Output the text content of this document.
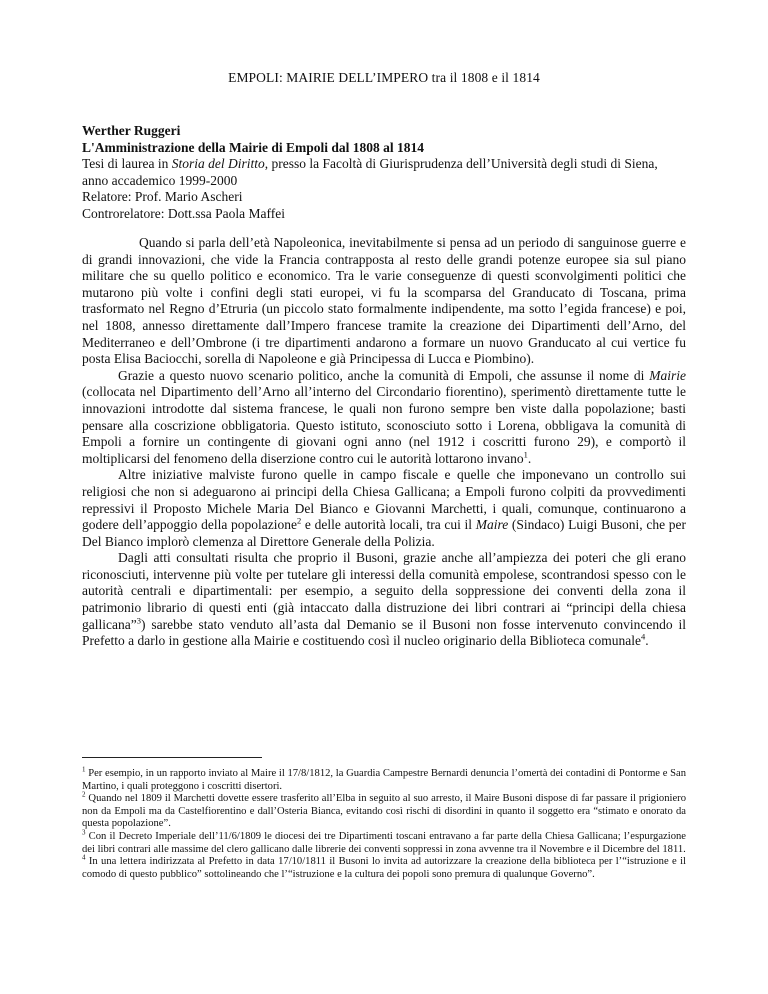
EMPOLI: MAIRIE DELL’IMPERO tra il 1808 e il 1814
Werther Ruggeri
L'Amministrazione della Mairie di Empoli dal 1808 al 1814
Tesi di laurea in Storia del Diritto, presso la Facoltà di Giurisprudenza dell’Università degli studi di Siena, anno accademico 1999-2000
Relatore: Prof. Mario Ascheri
Controrelatore: Dott.ssa Paola Maffei

Quando si parla dell’età Napoleonica, inevitabilmente si pensa ad un periodo di sanguinose guerre e di grandi innovazioni, che vide la Francia contrapposta al resto delle grandi potenze europee sia sul piano militare che su quello politico e economico. Tra le varie conseguenze di questi sconvolgimenti politici che mutarono più volte i confini degli stati europei, vi fu la scomparsa del Granducato di Toscana, prima trasformato nel Regno d’Etruria (un piccolo stato formalmente indipendente, ma sotto l’egida francese) e poi, nel 1808, annesso direttamente dall’Impero francese tramite la creazione dei Dipartimenti dell’Arno, del Mediterraneo e dell’Ombrone (i tre dipartimenti andarono a formare un nuovo Granducato al cui vertice fu posta Elisa Baciocchi, sorella di Napoleone e già Principessa di Lucca e Piombino).

Grazie a questo nuovo scenario politico, anche la comunità di Empoli, che assunse il nome di Mairie (collocata nel Dipartimento dell’Arno all’interno del Circondario fiorentino), sperimentò direttamente tutte le innovazioni introdotte dal sistema francese, le quali non furono sempre ben viste dalla popolazione; basti pensare alla coscrizione obbligatoria. Questo istituto, sconosciuto sotto i Lorena, obbligava la comunità di Empoli a fornire un contingente di giovani ogni anno (nel 1912 i coscritti furono 29), e comportò il moltiplicarsi del fenomeno della diserzione contro cui le autorità lottarono invano$^1$.

Altre iniziative malviste furono quelle in campo fiscale e quelle che imponevano un controllo sui religiosi che non si adeguarono ai principi della Chiesa Gallicana; a Empoli furono colpiti da provvedimenti repressivi il Proposto Michele Maria Del Bianco e Giovanni Marchetti, i quali, comunque, continuarono a godere dell’appoggio della popolazione$^2$ e delle autorità locali, tra cui il Maire (Sindaco) Luigi Busoni, che per Del Bianco implorò clemenza al Direttore Generale della Polizia.

Dagli atti consultati risulta che proprio il Busoni, grazie anche all’ampiezza dei poteri che gli erano riconosciuti, intervenne più volte per tutelare gli interessi della comunità empolese, scontrandosi spesso con le autorità centrali e dipartimentali: per esempio, a seguito della soppressione dei conventi della zona il patrimonio librario di questi enti (già intaccato dalla distruzione dei libri contrari ai “principi della chiesa gallicana”$^3$) sarebbe stato venduto all’asta dal Demanio se il Busoni non fosse intervenuto convincendo il Prefetto a darlo in gestione alla Mairie e costituendo così il nucleo originario della Biblioteca comunale$^4$.

$^1$ Per esempio, in un rapporto inviato al Maire il 17/8/1812, la Guardia Campestre Bernardi denuncia l’omertà dei contadini di Pontorme e San Martino, i quali proteggono i coscritti disertori.

$^2$ Quando nel 1809 il Marchetti dovette essere trasferito all’Elba in seguito al suo arresto, il Maire Busoni dispose di far passare il prigioniero non da Empoli ma da Castelfiorentino e dall’Osteria Bianca, evitando così rischi di disordini in quanto il soggetto era “stimato e onorato da questa popolazione”.

$^3$ Con il Decreto Imperiale dell’11/6/1809 le diocesi dei tre Dipartimenti toscani entravano a far parte della Chiesa Gallicana; l’espurgazione dei libri contrari alle massime del clero gallicano dalle librerie dei conventi soppressi in zona avvenne tra il Novembre e il Dicembre del 1811.

$^4$ In una lettera indirizzata al Prefetto in data 17/10/1811 il Busoni lo invita ad autorizzare la creazione della biblioteca per l’“istruzione e il comodo di questo pubblico” sottolineando che l’“istruzione e la cultura dei popoli sono premura di qualunque Governo”.
